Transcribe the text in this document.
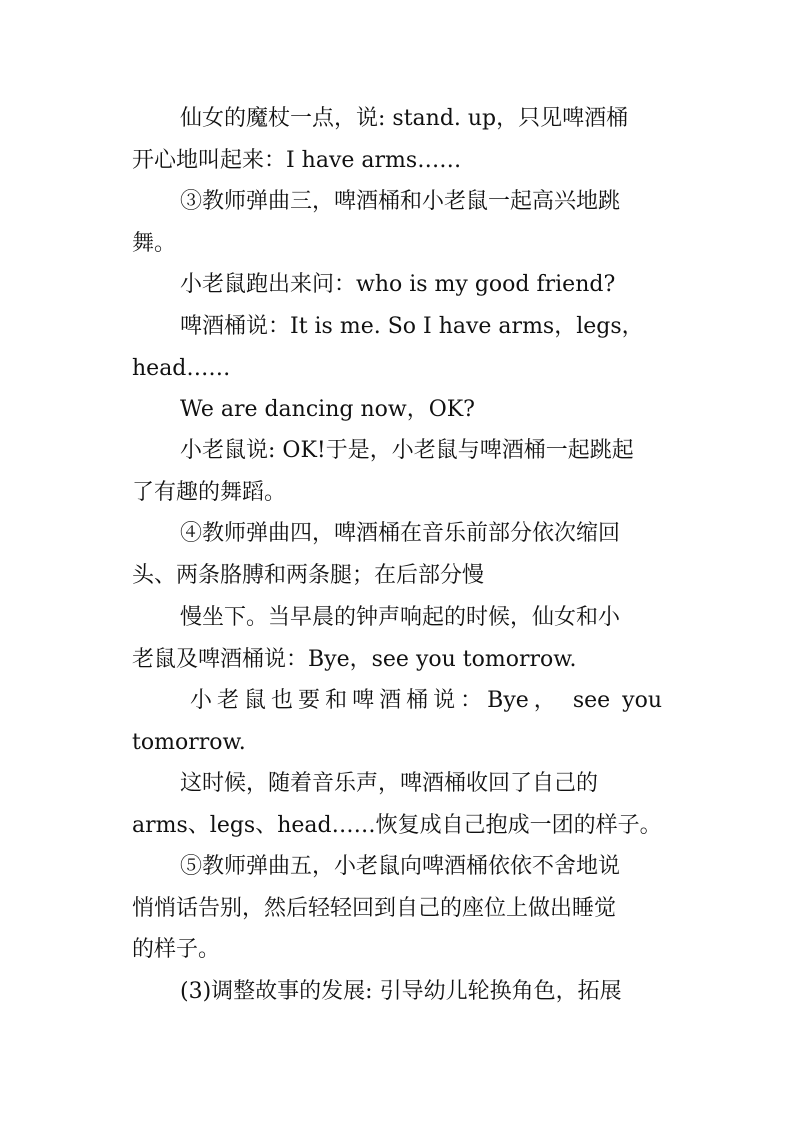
仙女的魔杖一点，说: stand. up，只见啤酒桶
开心地叫起来：I have arms……
③教师弹曲三，啤酒桶和小老鼠一起高兴地跳
舞。
小老鼠跑出来问：who is my good friend?
啤酒桶说：It is me. So I have arms，legs，
head……
We are dancing now，OK?
小老鼠说: OK!于是，小老鼠与啤酒桶一起跳起
了有趣的舞蹈。
④教师弹曲四，啤酒桶在音乐前部分依次缩回
头、两条胳膊和两条腿；在后部分慢
慢坐下。当早晨的钟声响起的时候，仙女和小
老鼠及啤酒桶说：Bye，see you tomorrow.
小老鼠也要和啤酒桶说：Bye， see you
tomorrow.
这时候，随着音乐声，啤酒桶收回了自己的
arms、legs、head……恢复成自己抱成一团的样子。
⑤教师弹曲五，小老鼠向啤酒桶依依不舍地说
悄悄话告别，然后轻轻回到自己的座位上做出睡觉
的样子。
(3)调整故事的发展: 引导幼儿轮换角色，拓展
